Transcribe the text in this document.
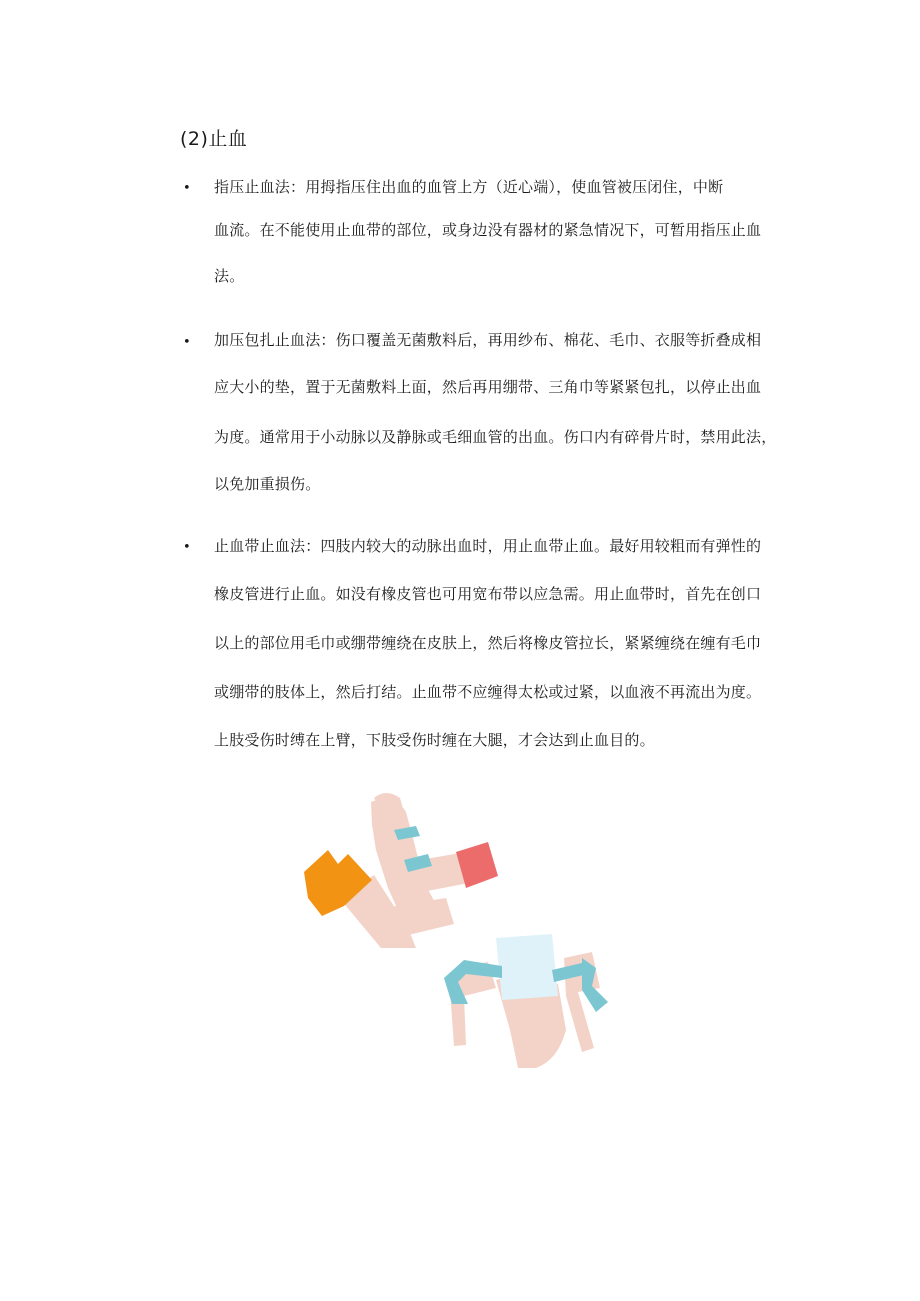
(2)止血
• 指压止血法：用拇指压住出血的血管上方（近心端），使血管被压闭住，中断
血流。在不能使用止血带的部位，或身边没有器材的紧急情况下，可暂用指压止血
法。
• 加压包扎止血法：伤口覆盖无菌敷料后，再用纱布、棉花、毛巾、衣服等折叠成相
应大小的垫，置于无菌敷料上面，然后再用绷带、三角巾等紧紧包扎，以停止出血
为度。通常用于小动脉以及静脉或毛细血管的出血。伤口内有碎骨片时，禁用此法，
以免加重损伤。
• 止血带止血法：四肢内较大的动脉出血时，用止血带止血。最好用较粗而有弹性的
橡皮管进行止血。如没有橡皮管也可用宽布带以应急需。用止血带时，首先在创口
以上的部位用毛巾或绷带缠绕在皮肤上，然后将橡皮管拉长，紧紧缠绕在缠有毛巾
或绷带的肢体上，然后打结。止血带不应缠得太松或过紧，以血液不再流出为度。
上肢受伤时缚在上臂，下肢受伤时缠在大腿，才会达到止血目的。
